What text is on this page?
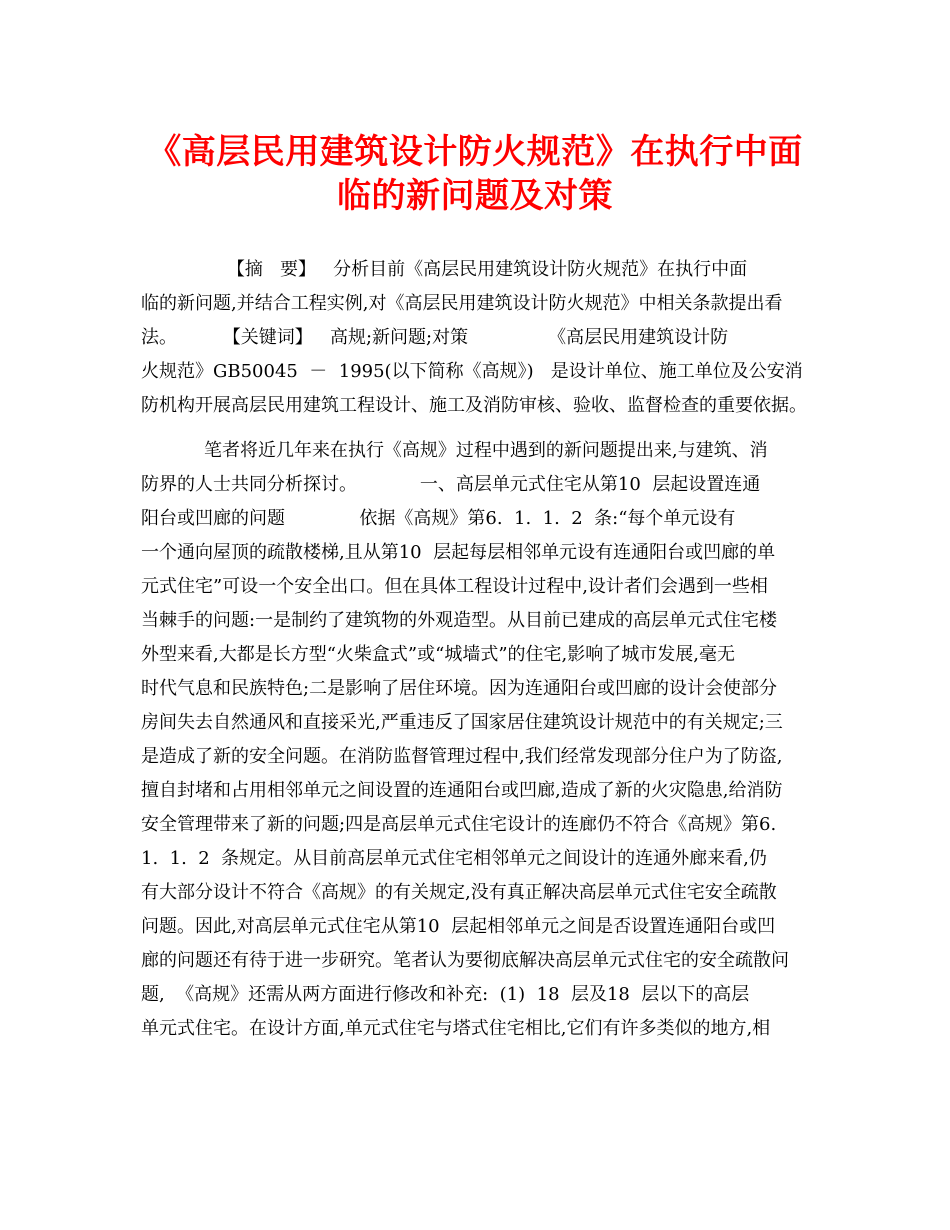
《高层民用建筑设计防火规范》在执行中面
临的新问题及对策

【摘   要】   分析目前《高层民用建筑设计防火规范》在执行中面

临的新问题,并结合工程实例,对《高层民用建筑设计防火规范》中相关条款提出看

法。        【关键词】   高规;新问题;对策              《高层民用建筑设计防

火规范》GB50045  －  1995(以下简称《高规》)   是设计单位、施工单位及公安消

防机构开展高层民用建筑工程设计、施工及消防审核、验收、监督检查的重要依据。

笔者将近几年来在执行《高规》过程中遇到的新问题提出来,与建筑、消

防界的人士共同分析探讨。           一、高层单元式住宅从第10  层起设置连通

阳台或凹廊的问题             依据《高规》第6.  1.  1.  2  条:“每个单元设有

一个通向屋顶的疏散楼梯,且从第10  层起每层相邻单元设有连通阳台或凹廊的单

元式住宅”可设一个安全出口。但在具体工程设计过程中,设计者们会遇到一些相

当棘手的问题:一是制约了建筑物的外观造型。从目前已建成的高层单元式住宅楼

外型来看,大都是长方型“火柴盒式”或“城墙式”的住宅,影响了城市发展,毫无

时代气息和民族特色;二是影响了居住环境。因为连通阳台或凹廊的设计会使部分

房间失去自然通风和直接采光,严重违反了国家居住建筑设计规范中的有关规定;三

是造成了新的安全问题。在消防监督管理过程中,我们经常发现部分住户为了防盗,

擅自封堵和占用相邻单元之间设置的连通阳台或凹廊,造成了新的火灾隐患,给消防

安全管理带来了新的问题;四是高层单元式住宅设计的连廊仍不符合《高规》第6.

1.  1.  2  条规定。从目前高层单元式住宅相邻单元之间设计的连通外廊来看,仍

有大部分设计不符合《高规》的有关规定,没有真正解决高层单元式住宅安全疏散

问题。因此,对高层单元式住宅从第10  层起相邻单元之间是否设置连通阳台或凹

廊的问题还有待于进一步研究。笔者认为要彻底解决高层单元式住宅的安全疏散问

题,  《高规》还需从两方面进行修改和补充:  (1)  18  层及18  层以下的高层

单元式住宅。在设计方面,单元式住宅与塔式住宅相比,它们有许多类似的地方,相
